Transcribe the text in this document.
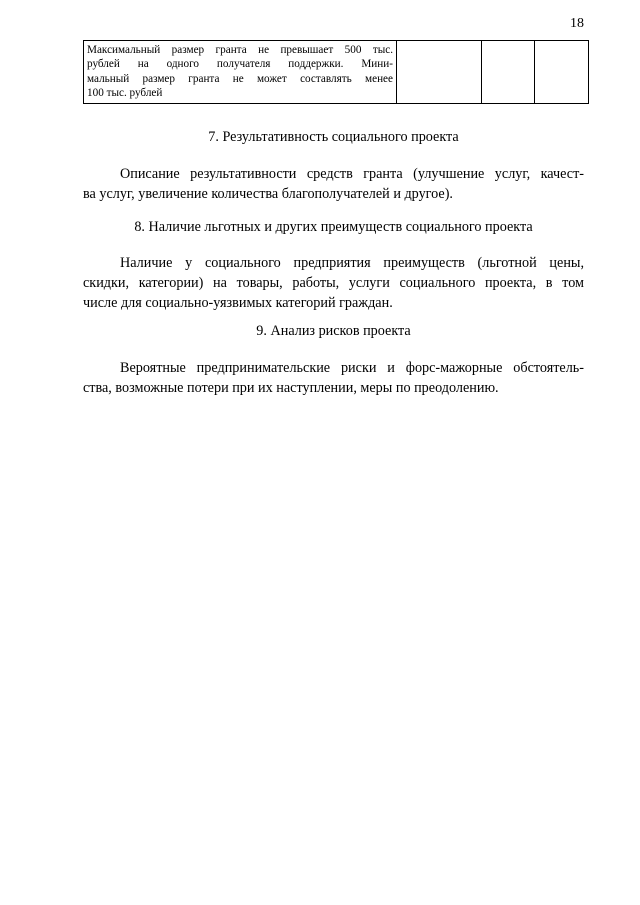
18
Максимальный размер гранта не превышает 500 тыс.
рублей на одного получателя поддержки. Мини-
мальный размер гранта не может составлять менее
100 тыс. рублей

7. Результативность социального проекта
Описание результативности средств гранта (улучшение услуг, качест-
ва услуг, увеличение количества благополучателей и другое).
8. Наличие льготных и других преимуществ социального проекта
Наличие у социального предприятия преимуществ (льготной цены,
скидки, категории) на товары, работы, услуги социального проекта, в том
числе для социально-уязвимых категорий граждан.
9. Анализ рисков проекта
Вероятные предпринимательские риски и форс-мажорные обстоятель-
ства, возможные потери при их наступлении, меры по преодолению.
